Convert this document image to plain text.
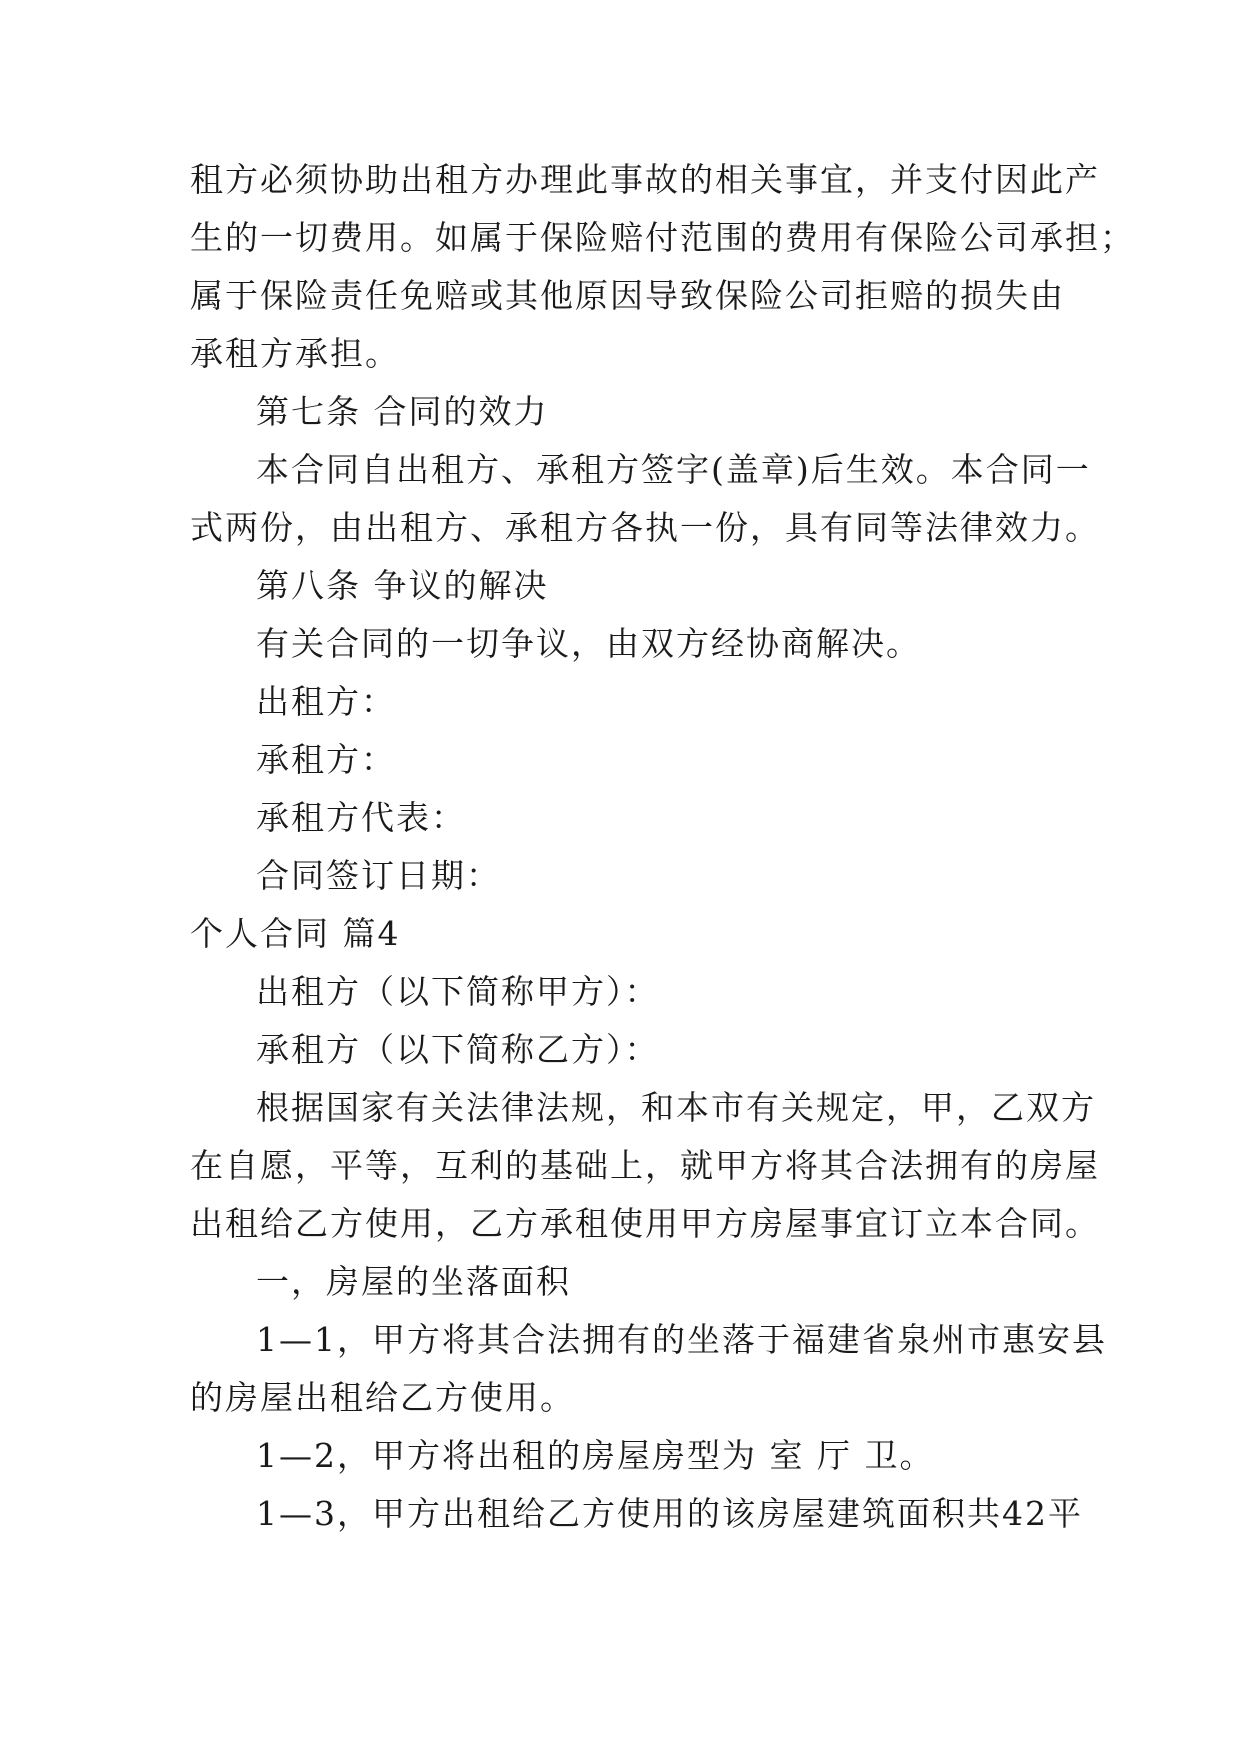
租方必须协助出租方办理此事故的相关事宜，并支付因此产
生的一切费用。如属于保险赔付范围的费用有保险公司承担；
属于保险责任免赔或其他原因导致保险公司拒赔的损失由
承租方承担。
第七条 合同的效力
本合同自出租方、承租方签字(盖章)后生效。本合同一
式两份，由出租方、承租方各执一份，具有同等法律效力。
第八条 争议的解决
有关合同的一切争议，由双方经协商解决。
出租方：
承租方：
承租方代表：
合同签订日期：
个人合同 篇4
出租方（以下简称甲方）：
承租方（以下简称乙方）：
根据国家有关法律法规，和本市有关规定，甲，乙双方
在自愿，平等，互利的基础上，就甲方将其合法拥有的房屋
出租给乙方使用，乙方承租使用甲方房屋事宜订立本合同。
一，房屋的坐落面积
1—1，甲方将其合法拥有的坐落于福建省泉州市惠安县
的房屋出租给乙方使用。
1—2，甲方将出租的房屋房型为 室 厅 卫。
1—3，甲方出租给乙方使用的该房屋建筑面积共42平
